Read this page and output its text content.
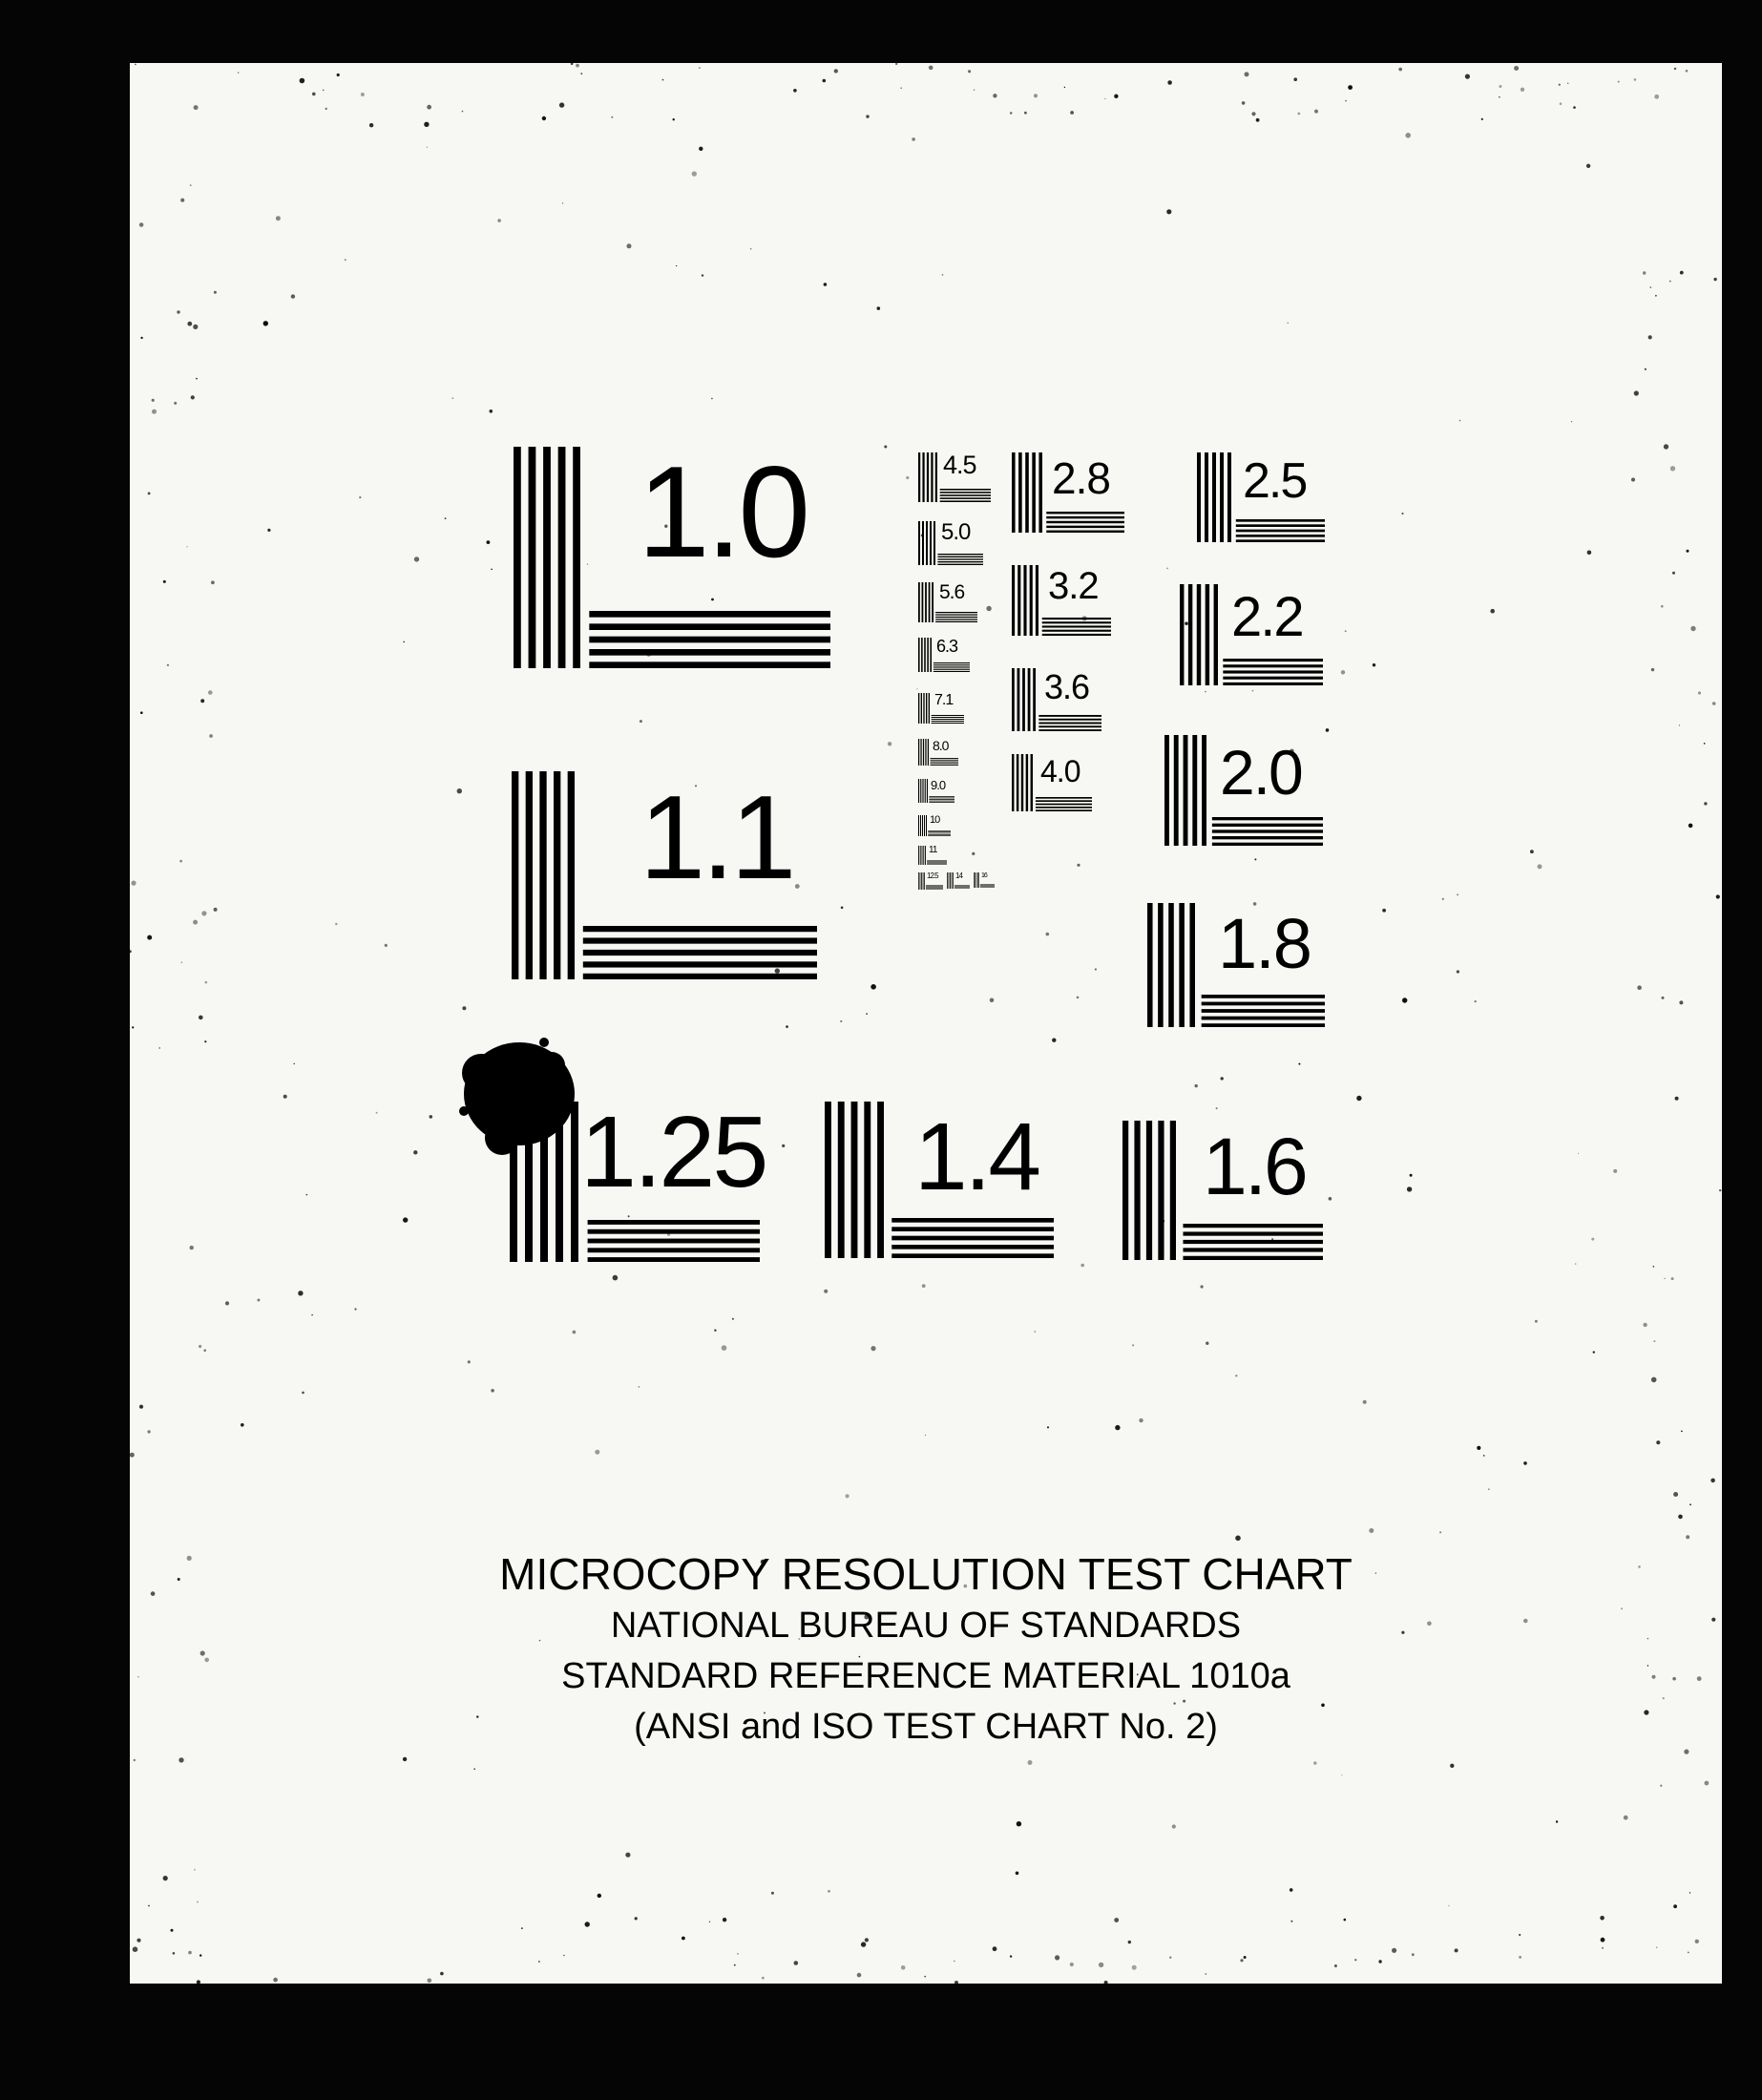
1.0
1.1
1.25 1.4 1.6
1.8
2.0
2.2
2.5
2.8
3.2
3.6
4.0
4.5
5.0
5.6
6.3
7.1
8.0
9.0
10
11
12.5 14	16
MICROCOPY RESOLUTION TEST CHART
NATIONAL BUREAU OF STANDARDS
STANDARD REFERENCE MATERIAL 1010a
(ANSI and ISO TEST CHART No. 2)
